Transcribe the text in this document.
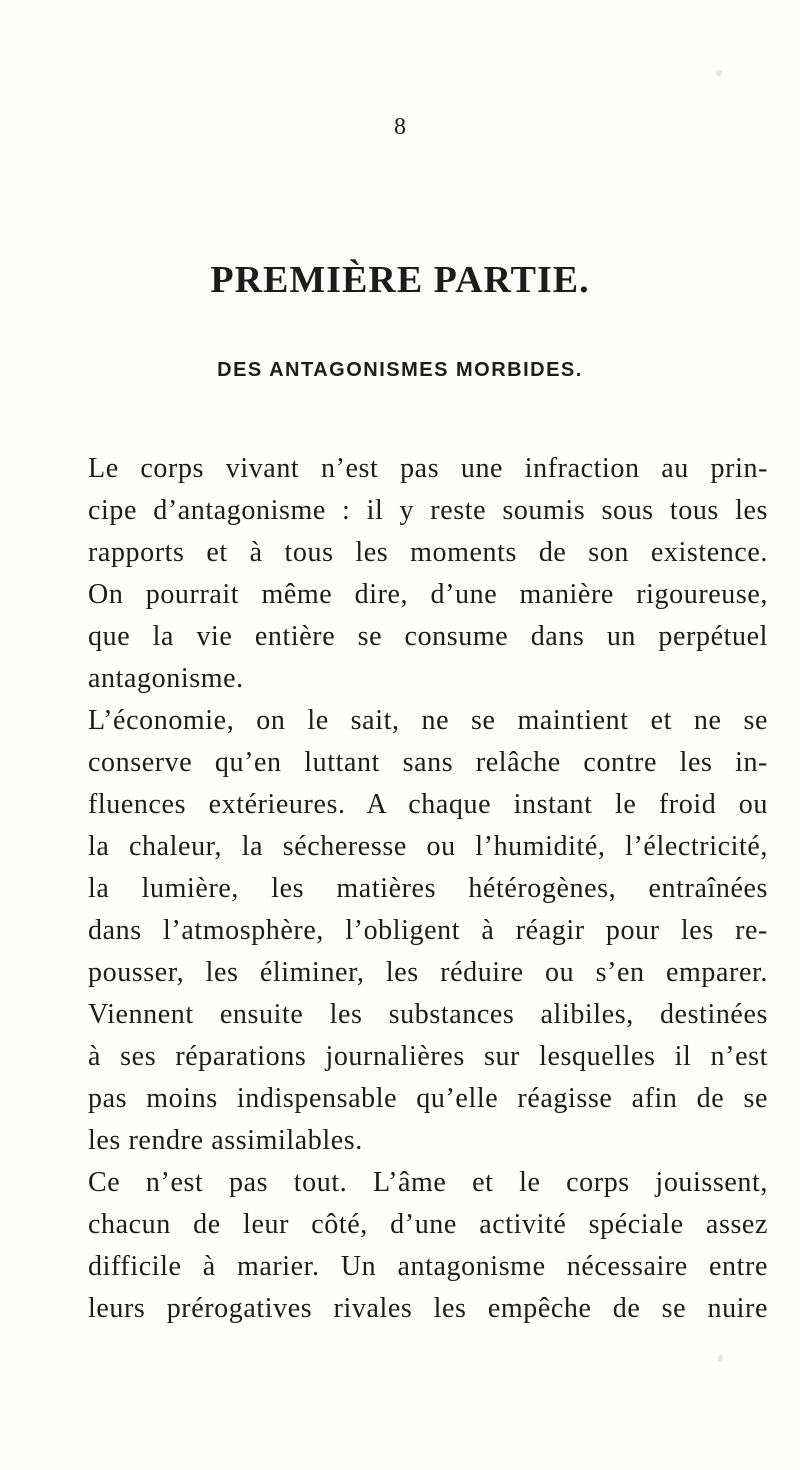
8
PREMIÈRE PARTIE.
DES ANTAGONISMES MORBIDES.
Le corps vivant n’est pas une infraction au prin-
cipe d’antagonisme : il y reste soumis sous tous les
rapports et à tous les moments de son existence.
On pourrait même dire, d’une manière rigoureuse,
que la vie entière se consume dans un perpétuel
antagonisme.
L’économie, on le sait, ne se maintient et ne se
conserve qu’en luttant sans relâche contre les in-
fluences extérieures. A chaque instant le froid ou
la chaleur, la sécheresse ou l’humidité, l’électricité,
la lumière, les matières hétérogènes, entraînées
dans l’atmosphère, l’obligent à réagir pour les re-
pousser, les éliminer, les réduire ou s’en emparer.
Viennent ensuite les substances alibiles, destinées
à ses réparations journalières sur lesquelles il n’est
pas moins indispensable qu’elle réagisse afin de se
les rendre assimilables.
Ce n’est pas tout. L’âme et le corps jouissent,
chacun de leur côté, d’une activité spéciale assez
difficile à marier. Un antagonisme nécessaire entre
leurs prérogatives rivales les empêche de se nuire
